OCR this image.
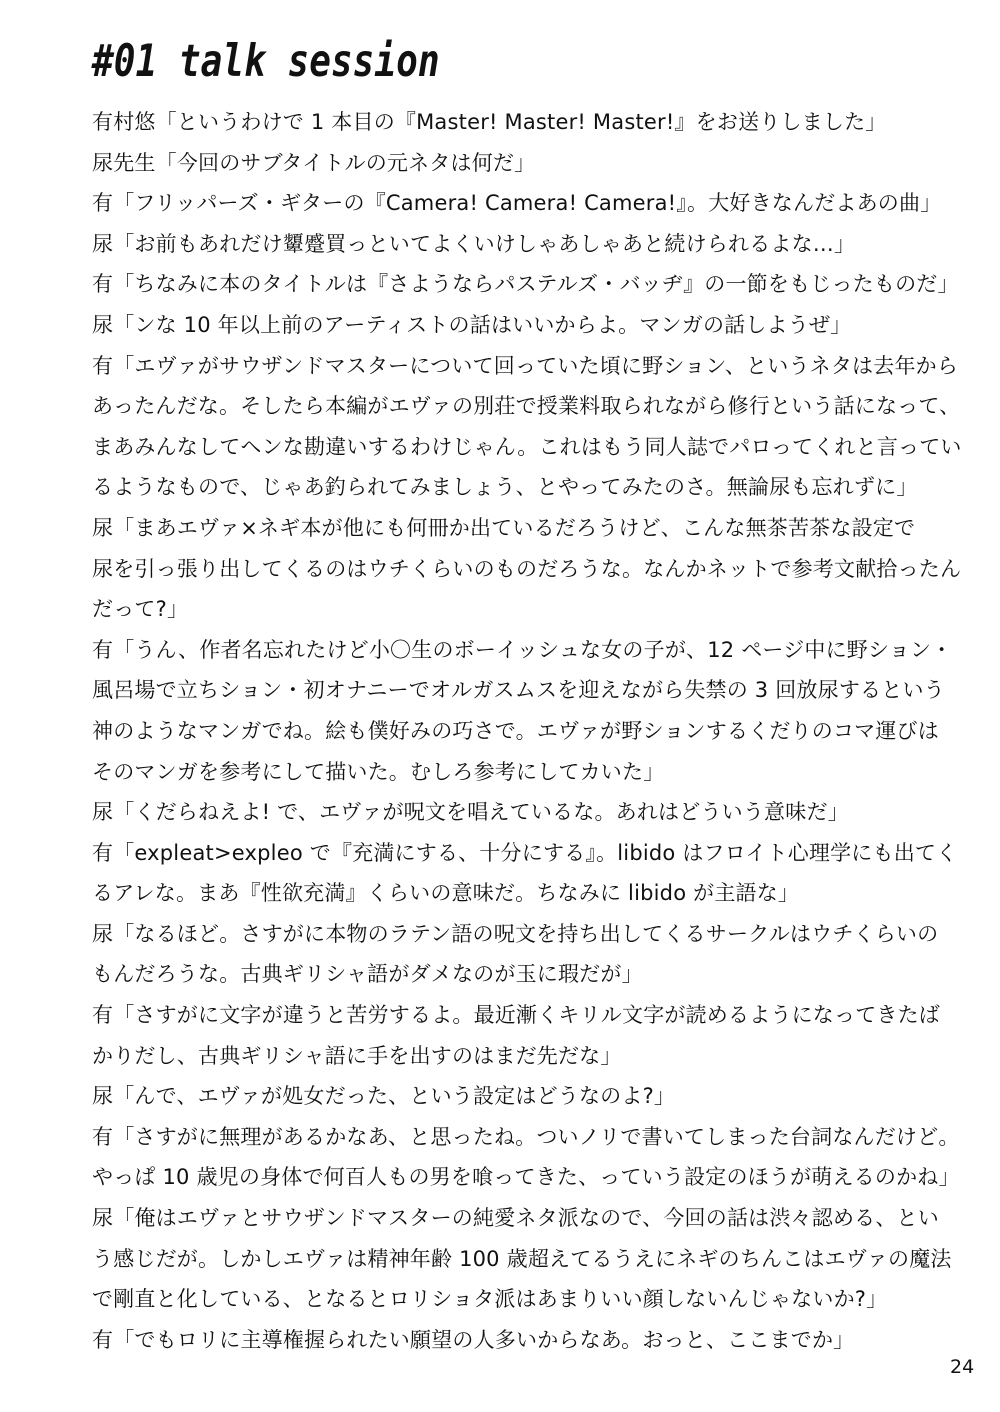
#01 talk session
有村悠「というわけで 1 本目の『Master! Master! Master!』をお送りしました」
尿先生「今回のサブタイトルの元ネタは何だ」
有「フリッパーズ・ギターの『Camera! Camera! Camera!』。大好きなんだよあの曲」
尿「お前もあれだけ顰蹙買っといてよくいけしゃあしゃあと続けられるよな…」
有「ちなみに本のタイトルは『さようならパステルズ・バッヂ』の一節をもじったものだ」
尿「ンな 10 年以上前のアーティストの話はいいからよ。マンガの話しようぜ」
有「エヴァがサウザンドマスターについて回っていた頃に野ション、というネタは去年から
あったんだな。そしたら本編がエヴァの別荘で授業料取られながら修行という話になって、
まあみんなしてヘンな勘違いするわけじゃん。これはもう同人誌でパロってくれと言ってい
るようなもので、じゃあ釣られてみましょう、とやってみたのさ。無論尿も忘れずに」
尿「まあエヴァ×ネギ本が他にも何冊か出ているだろうけど、こんな無茶苦茶な設定で
尿を引っ張り出してくるのはウチくらいのものだろうな。なんかネットで参考文献拾ったん
だって?」
有「うん、作者名忘れたけど小〇生のボーイッシュな女の子が、12 ページ中に野ション・
風呂場で立ちション・初オナニーでオルガスムスを迎えながら失禁の 3 回放尿するという
神のようなマンガでね。絵も僕好みの巧さで。エヴァが野ションするくだりのコマ運びは
そのマンガを参考にして描いた。むしろ参考にしてカいた」
尿「くだらねえよ! で、エヴァが呪文を唱えているな。あれはどういう意味だ」
有「expleat>expleo で『充満にする、十分にする』。libido はフロイト心理学にも出てく
るアレな。まあ『性欲充満』くらいの意味だ。ちなみに libido が主語な」
尿「なるほど。さすがに本物のラテン語の呪文を持ち出してくるサークルはウチくらいの
もんだろうな。古典ギリシャ語がダメなのが玉に瑕だが」
有「さすがに文字が違うと苦労するよ。最近漸くキリル文字が読めるようになってきたば
かりだし、古典ギリシャ語に手を出すのはまだ先だな」
尿「んで、エヴァが処女だった、という設定はどうなのよ?」
有「さすがに無理があるかなあ、と思ったね。ついノリで書いてしまった台詞なんだけど。
やっぱ 10 歳児の身体で何百人もの男を喰ってきた、っていう設定のほうが萌えるのかね」
尿「俺はエヴァとサウザンドマスターの純愛ネタ派なので、今回の話は渋々認める、とい
う感じだが。しかしエヴァは精神年齢 100 歳超えてるうえにネギのちんこはエヴァの魔法
で剛直と化している、となるとロリショタ派はあまりいい顔しないんじゃないか?」
有「でもロリに主導権握られたい願望の人多いからなあ。おっと、ここまでか」
24
